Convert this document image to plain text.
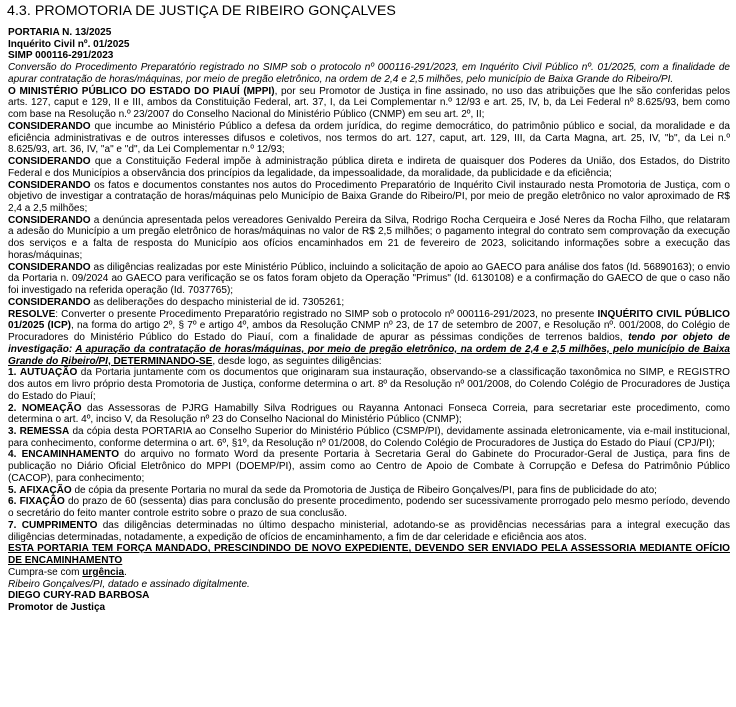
4.3. PROMOTORIA DE JUSTIÇA DE RIBEIRO GONÇALVES

PORTARIA N. 13/2025

Inquérito Civil nº. 01/2025

SIMP 000116-291/2023

Conversão do Procedimento Preparatório registrado no SIMP sob o protocolo nº 000116-291/2023, em Inquérito Civil Público nº. 01/2025, com a finalidade de apurar contratação de horas/máquinas, por meio de pregão eletrônico, na ordem de 2,4 e 2,5 milhões, pelo município de Baixa Grande do Ribeiro/PI.

O MINISTÉRIO PÚBLICO DO ESTADO DO PIAUÍ (MPPI), por seu Promotor de Justiça in fine assinado, no uso das atribuições que lhe são conferidas pelos arts. 127, caput e 129, II e III, ambos da Constituição Federal, art. 37, I, da Lei Complementar n.º 12/93 e art. 25, IV, b, da Lei Federal nº 8.625/93, bem como com base na Resolução n.º 23/2007 do Conselho Nacional do Ministério Público (CNMP) em seu art. 2º, II;

CONSIDERANDO que incumbe ao Ministério Público a defesa da ordem jurídica, do regime democrático, do patrimônio público e social, da moralidade e da eficiência administrativas e de outros interesses difusos e coletivos, nos termos do art. 127, caput, art. 129, III, da Carta Magna, art. 25, IV, "b", da Lei n.º 8.625/93, art. 36, IV, "a" e "d", da Lei Complementar n.º 12/93;

CONSIDERANDO que a Constituição Federal impõe à administração pública direta e indireta de quaisquer dos Poderes da União, dos Estados, do Distrito Federal e dos Municípios a observância dos princípios da legalidade, da impessoalidade, da moralidade, da publicidade e da eficiência;

CONSIDERANDO os fatos e documentos constantes nos autos do Procedimento Preparatório de Inquérito Civil instaurado nesta Promotoria de Justiça, com o objetivo de investigar a contratação de horas/máquinas pelo Município de Baixa Grande do Ribeiro/PI, por meio de pregão eletrônico no valor aproximado de R$ 2,4 a 2,5 milhões;

CONSIDERANDO a denúncia apresentada pelos vereadores Genivaldo Pereira da Silva, Rodrigo Rocha Cerqueira e José Neres da Rocha Filho, que relataram a adesão do Município a um pregão eletrônico de horas/máquinas no valor de R$ 2,5 milhões; o pagamento integral do contrato sem comprovação da execução dos serviços e a falta de resposta do Município aos ofícios encaminhados em 21 de fevereiro de 2023, solicitando informações sobre a execução das horas/máquinas;

CONSIDERANDO as diligências realizadas por este Ministério Público, incluindo a solicitação de apoio ao GAECO para análise dos fatos (Id. 56890163); o envio da Portaria n. 09/2024 ao GAECO para verificação se os fatos foram objeto da Operação "Primus" (Id. 6130108) e a confirmação do GAECO de que o caso não foi investigado na referida operação (Id. 7037765);

CONSIDERANDO as deliberações do despacho ministerial de id. 7305261;

RESOLVE: Converter o presente Procedimento Preparatório registrado no SIMP sob o protocolo nº 000116-291/2023, no presente INQUÉRITO CIVIL PÚBLICO 01/2025 (ICP), na forma do artigo 2º, § 7º e artigo 4º, ambos da Resolução CNMP nº 23, de 17 de setembro de 2007, e Resolução nº. 001/2008, do Colégio de Procuradores do Ministério Público do Estado do Piauí, com a finalidade de apurar as péssimas condições de terrenos baldios, tendo por objeto de investigação: A apuração da contratação de horas/máquinas, por meio de pregão eletrônico, na ordem de 2,4 e 2,5 milhões, pelo município de Baixa Grande do Ribeiro/PI, DETERMINANDO-SE, desde logo, as seguintes diligências:

1. AUTUAÇÃO da Portaria juntamente com os documentos que originaram sua instauração, observando-se a classificação taxonômica no SIMP, e REGISTRO dos autos em livro próprio desta Promotoria de Justiça, conforme determina o art. 8º da Resolução nº 001/2008, do Colendo Colégio de Procuradores de Justiça do Estado do Piauí;

2. NOMEAÇÃO das Assessoras de PJRG Hamabilly Silva Rodrigues ou Rayanna Antonaci Fonseca Correia, para secretariar este procedimento, como determina o art. 4º, inciso V, da Resolução nº 23 do Conselho Nacional do Ministério Público (CNMP);

3. REMESSA da cópia desta PORTARIA ao Conselho Superior do Ministério Público (CSMP/PI), devidamente assinada eletronicamente, via e-mail institucional, para conhecimento, conforme determina o art. 6º, §1º, da Resolução nº 01/2008, do Colendo Colégio de Procuradores de Justiça do Estado do Piauí (CPJ/PI);

4. ENCAMINHAMENTO do arquivo no formato Word da presente Portaria à Secretaria Geral do Gabinete do Procurador-Geral de Justiça, para fins de publicação no Diário Oficial Eletrônico do MPPI (DOEMP/PI), assim como ao Centro de Apoio de Combate à Corrupção e Defesa do Patrimônio Público (CACOP), para conhecimento;

5. AFIXAÇÃO de cópia da presente Portaria no mural da sede da Promotoria de Justiça de Ribeiro Gonçalves/PI, para fins de publicidade do ato;

6. FIXAÇÃO do prazo de 60 (sessenta) dias para conclusão do presente procedimento, podendo ser sucessivamente prorrogado pelo mesmo período, devendo o secretário do feito manter controle estrito sobre o prazo de sua conclusão.

7. CUMPRIMENTO das diligências determinadas no último despacho ministerial, adotando-se as providências necessárias para a integral execução das diligências determinadas, notadamente, a expedição de ofícios de encaminhamento, a fim de dar celeridade e eficiência aos atos.

ESTA PORTARIA TEM FORÇA MANDADO, PRESCINDINDO DE NOVO EXPEDIENTE, DEVENDO SER ENVIADO PELA ASSESSORIA MEDIANTE OFÍCIO DE ENCAMINHAMENTO

Cumpra-se com urgência.

Ribeiro Gonçalves/PI, datado e assinado digitalmente.

DIEGO CURY-RAD BARBOSA

Promotor de Justiça
